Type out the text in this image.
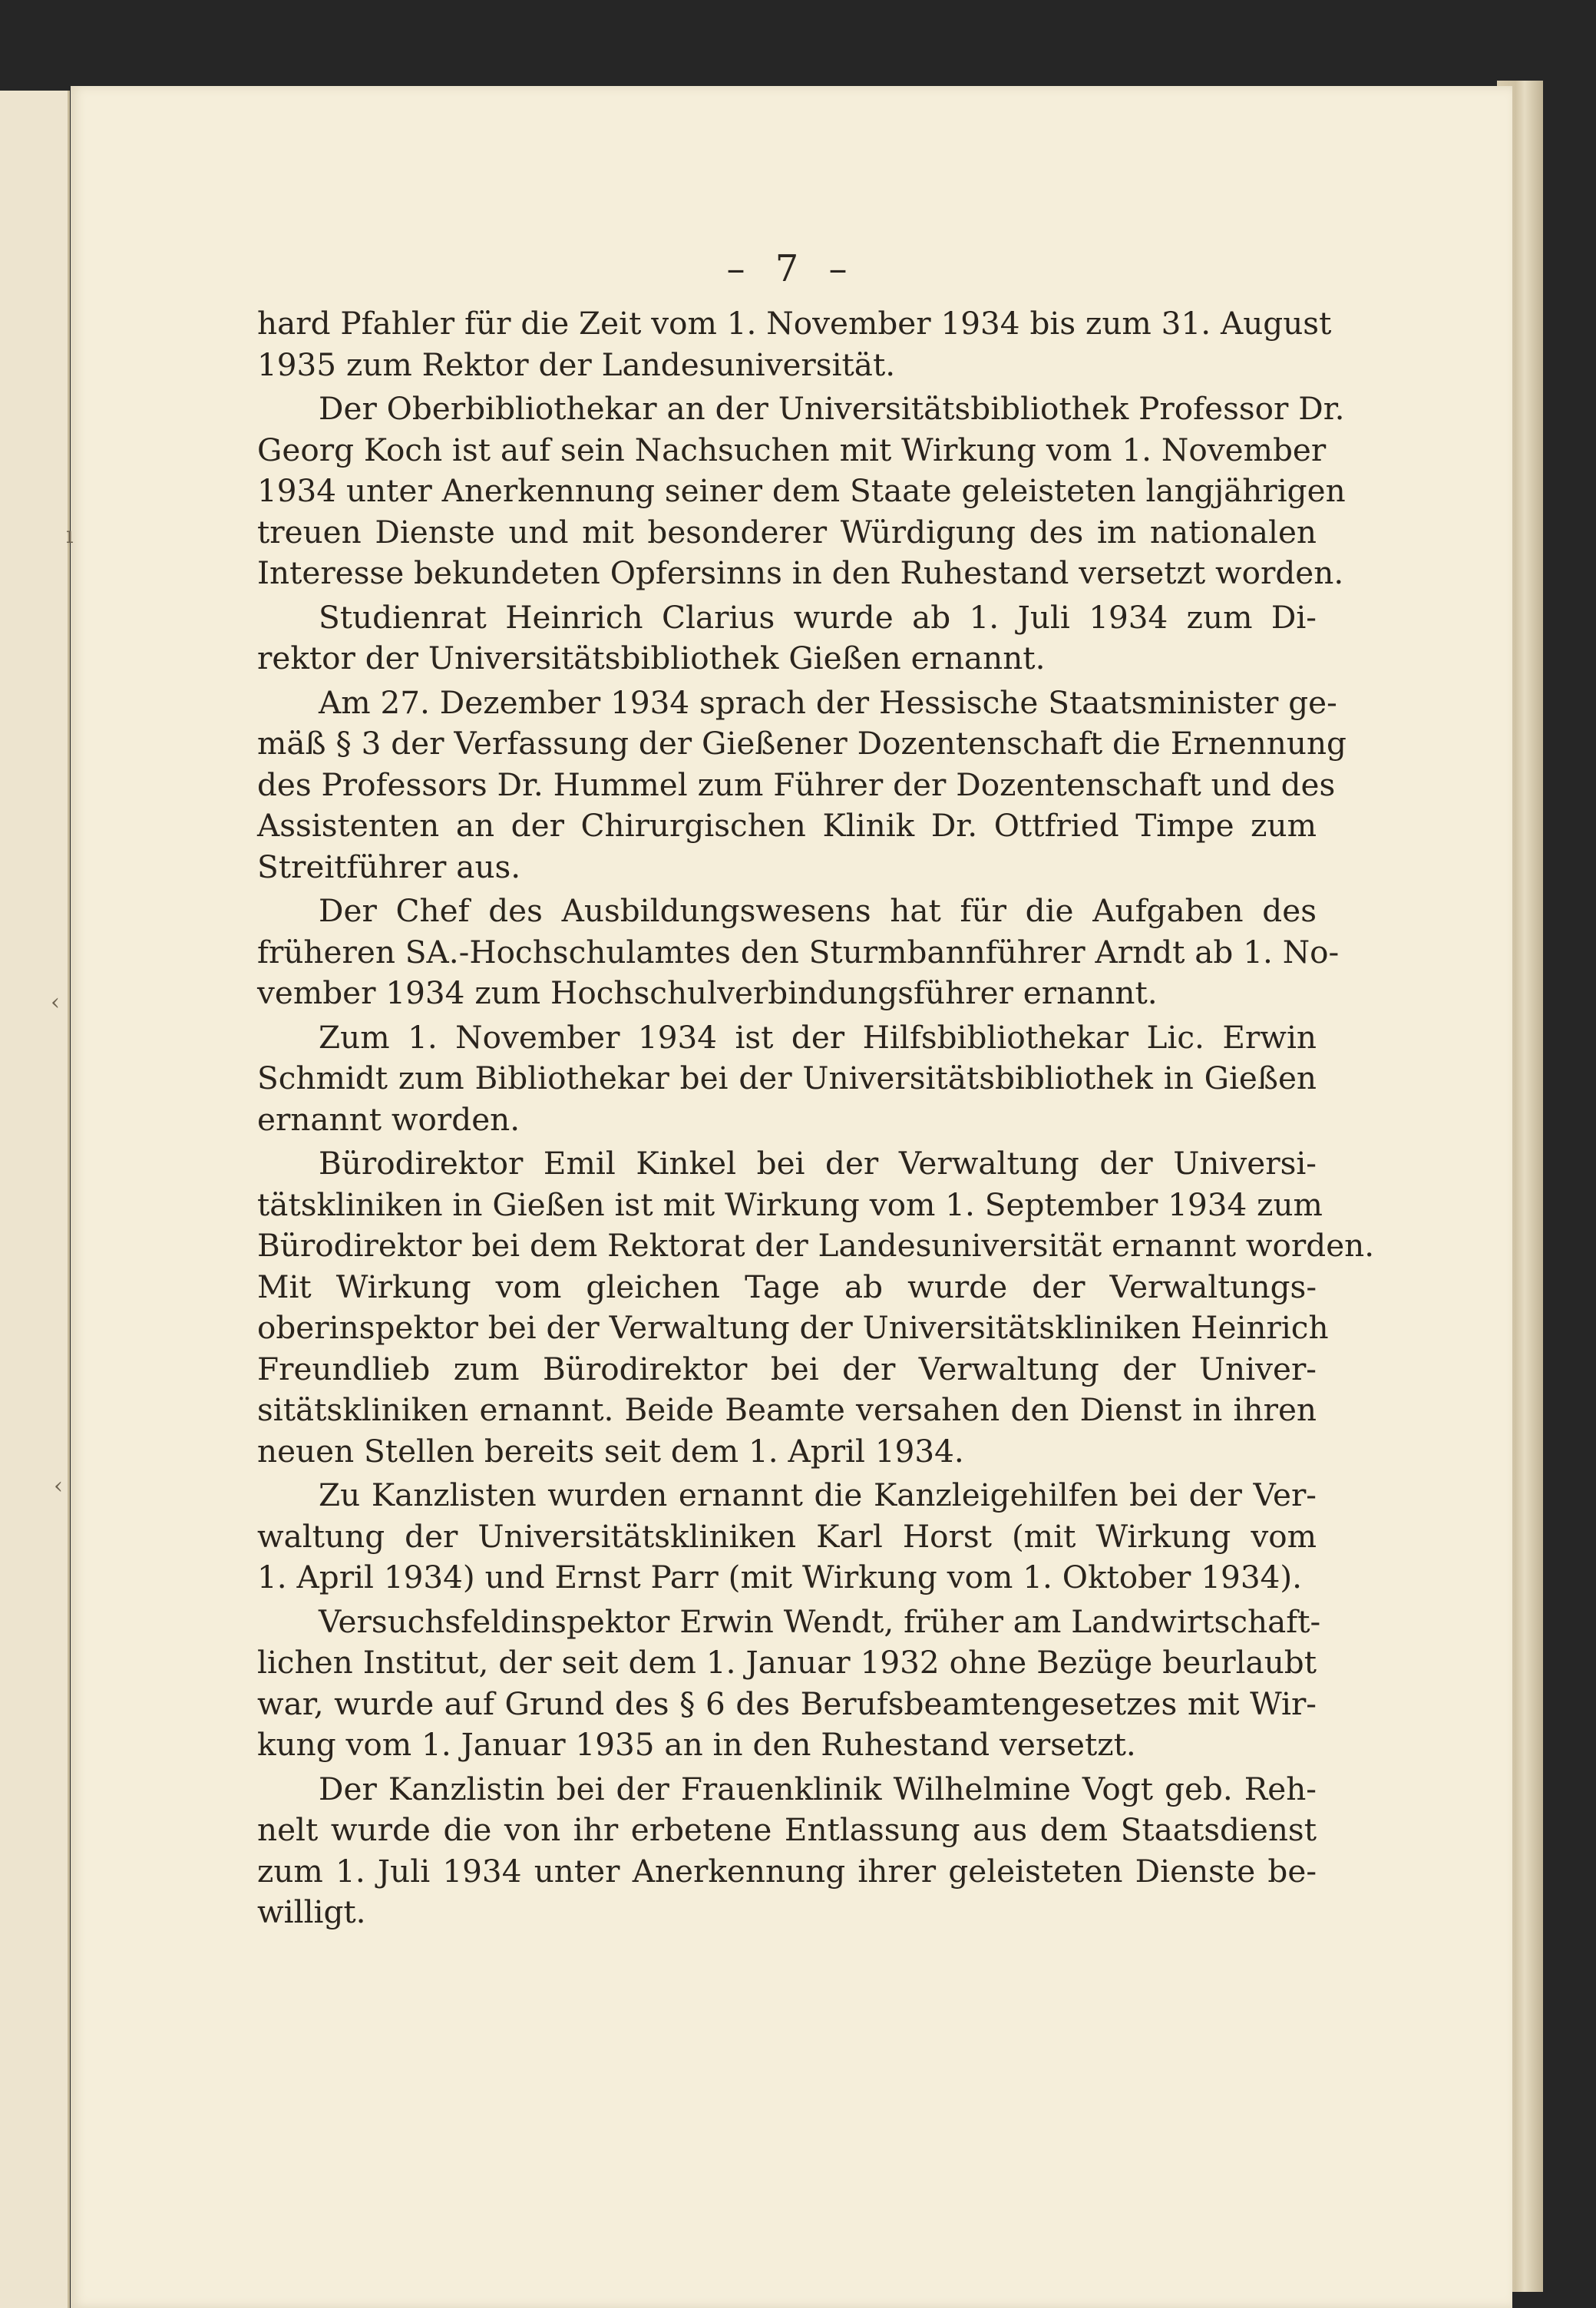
– 7 –
hard Pfahler für die Zeit vom 1. November 1934 bis zum 31. August
1935 zum Rektor der Landesuniversität.
Der Oberbibliothekar an der Universitätsbibliothek Professor Dr.
Georg Koch ist auf sein Nachsuchen mit Wirkung vom 1. November
1934 unter Anerkennung seiner dem Staate geleisteten langjährigen
treuen Dienste und mit besonderer Würdigung des im nationalen
Interesse bekundeten Opfersinns in den Ruhestand versetzt worden.
Studienrat Heinrich Clarius wurde ab 1. Juli 1934 zum Di-
rektor der Universitätsbibliothek Gießen ernannt.
Am 27. Dezember 1934 sprach der Hessische Staatsminister ge-
mäß § 3 der Verfassung der Gießener Dozentenschaft die Ernennung
des Professors Dr. Hummel zum Führer der Dozentenschaft und des
Assistenten an der Chirurgischen Klinik Dr. Ottfried Timpe zum
Streitführer aus.
Der Chef des Ausbildungswesens hat für die Aufgaben des
früheren SA.-Hochschulamtes den Sturmbannführer Arndt ab 1. No-
vember 1934 zum Hochschulverbindungsführer ernannt.
Zum 1. November 1934 ist der Hilfsbibliothekar Lic. Erwin
Schmidt zum Bibliothekar bei der Universitätsbibliothek in Gießen
ernannt worden.
Bürodirektor Emil Kinkel bei der Verwaltung der Universi-
tätskliniken in Gießen ist mit Wirkung vom 1. September 1934 zum
Bürodirektor bei dem Rektorat der Landesuniversität ernannt worden.
Mit Wirkung vom gleichen Tage ab wurde der Verwaltungs-
oberinspektor bei der Verwaltung der Universitätskliniken Heinrich
Freundlieb zum Bürodirektor bei der Verwaltung der Univer-
sitätskliniken ernannt. Beide Beamte versahen den Dienst in ihren
neuen Stellen bereits seit dem 1. April 1934.
Zu Kanzlisten wurden ernannt die Kanzleigehilfen bei der Ver-
waltung der Universitätskliniken Karl Horst (mit Wirkung vom
1. April 1934) und Ernst Parr (mit Wirkung vom 1. Oktober 1934).
Versuchsfeldinspektor Erwin Wendt, früher am Landwirtschaft-
lichen Institut, der seit dem 1. Januar 1932 ohne Bezüge beurlaubt
war, wurde auf Grund des § 6 des Berufsbeamtengesetzes mit Wir-
kung vom 1. Januar 1935 an in den Ruhestand versetzt.
Der Kanzlistin bei der Frauenklinik Wilhelmine Vogt geb. Reh-
nelt wurde die von ihr erbetene Entlassung aus dem Staatsdienst
zum 1. Juli 1934 unter Anerkennung ihrer geleisteten Dienste be-
willigt.
ı
‹
‹
